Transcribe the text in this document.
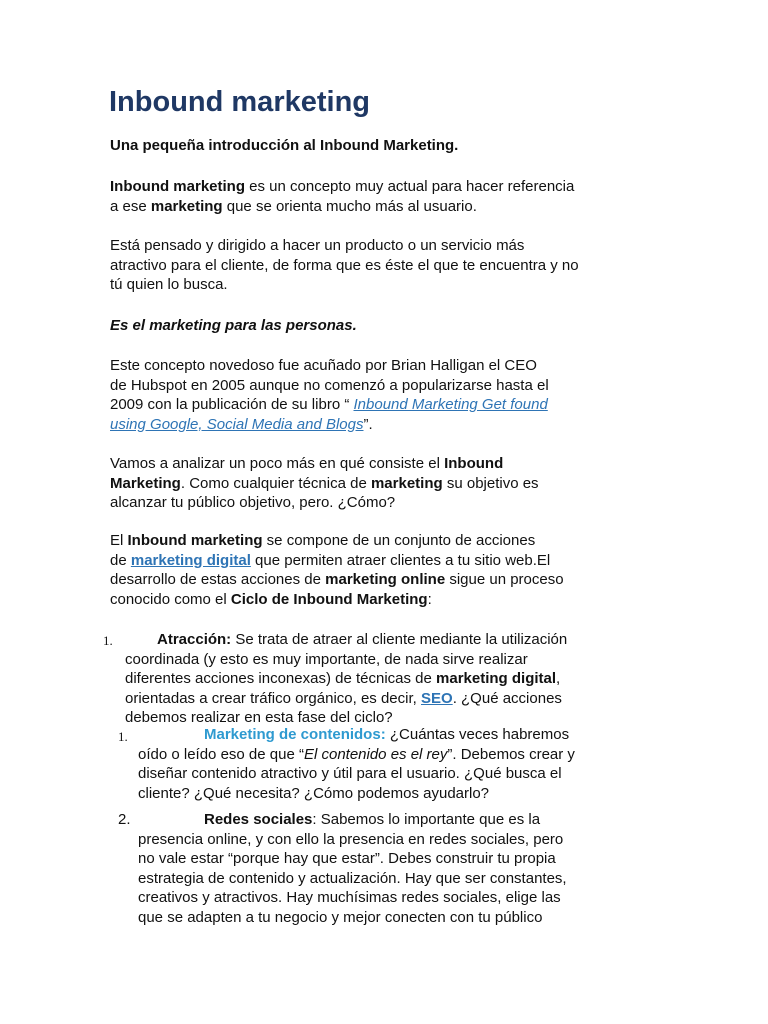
Inbound marketing
Una pequeña introducción al Inbound Marketing.

Inbound marketing es un concepto muy actual para hacer referencia
a ese marketing que se orienta mucho más al usuario.

Está pensado y dirigido a hacer un producto o un servicio más
atractivo para el cliente, de forma que es éste el que te encuentra y no
tú quien lo busca.

Es el marketing para las personas.

Este concepto novedoso fue acuñado por Brian Halligan el CEO
de Hubspot en 2005 aunque no comenzó a popularizarse hasta el
2009 con la publicación de su libro “ Inbound Marketing Get found
using Google, Social Media and Blogs”.

Vamos a analizar un poco más en qué consiste el Inbound
Marketing. Como cualquier técnica de marketing su objetivo es
alcanzar tu público objetivo, pero. ¿Cómo?

El Inbound marketing se compone de un conjunto de acciones
de marketing digital que permiten atraer clientes a tu sitio web.El
desarrollo de estas acciones de marketing online sigue un proceso
conocido como el Ciclo de Inbound Marketing:

1.	Atracción: Se trata de atraer al cliente mediante la utilización
coordinada (y esto es muy importante, de nada sirve realizar
diferentes acciones inconexas) de técnicas de marketing digital,
orientadas a crear tráfico orgánico, es decir, SEO. ¿Qué acciones
debemos realizar en esta fase del ciclo?

1.	Marketing de contenidos: ¿Cuántas veces habremos
oído o leído eso de que “El contenido es el rey”. Debemos crear y
diseñar contenido atractivo y útil para el usuario. ¿Qué busca el
cliente? ¿Qué necesita? ¿Cómo podemos ayudarlo?

2.	Redes sociales: Sabemos lo importante que es la
presencia online, y con ello la presencia en redes sociales, pero
no vale estar “porque hay que estar”. Debes construir tu propia
estrategia de contenido y actualización. Hay que ser constantes,
creativos y atractivos. Hay muchísimas redes sociales, elige las
que se adapten a tu negocio y mejor conecten con tu público
